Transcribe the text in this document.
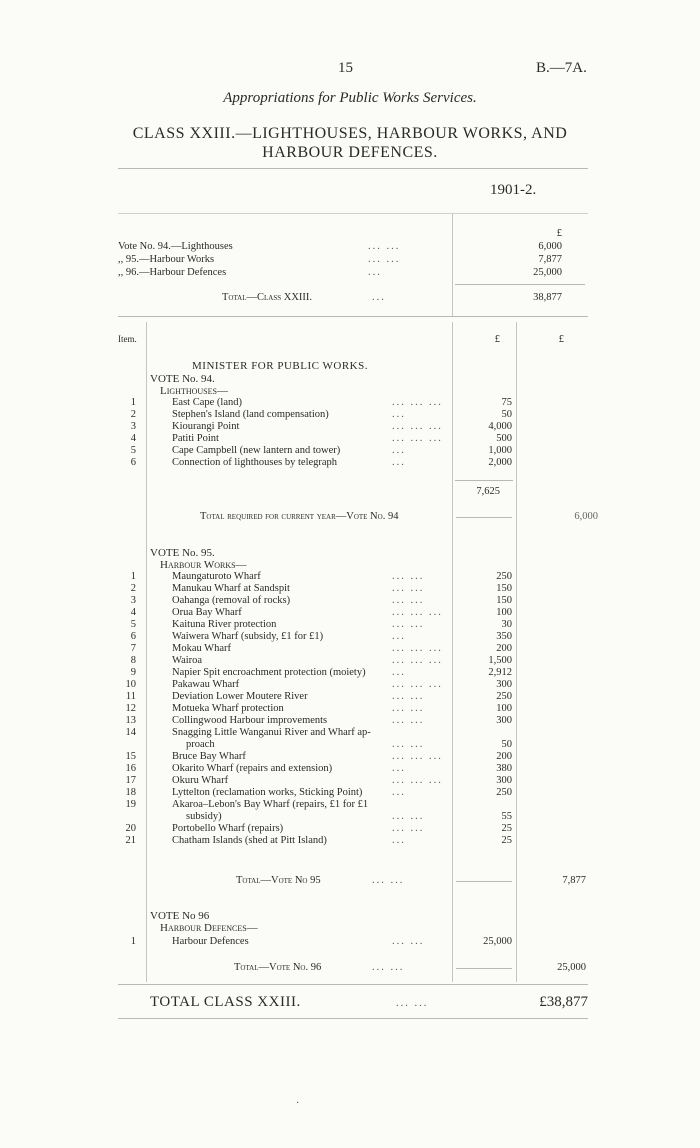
15	B.—7A.
Appropriations for Public Works Services.
CLASS XXIII.—LIGHTHOUSES, HARBOUR WORKS, AND
HARBOUR DEFENCES.
1901-2.
£
Vote No. 94.—Lighthouses	... ...	6,000
,, 95.—Harbour Works	... ...	7,877
,, 96.—Harbour Defences	...	25,000
Total—Class XXIII.	...	38,877
Item.	£	£
MINISTER FOR PUBLIC WORKS.
VOTE No. 94.
Lighthouses—
1	East Cape (land)	... ... ...	75
2	Stephen's Island (land compensation)	...	50
3	Kiourangi Point	... ... ...	4,000
4	Patiti Point	... ... ...	500
5	Cape Campbell (new lantern and tower)	...	1,000
6	Connection of lighthouses by telegraph	...	2,000
7,625
Total required for current year—Vote No. 94	6,000
VOTE No. 95.
Harbour Works—
1	Maungaturoto Wharf	... ...	250
2	Manukau Wharf at Sandspit	... ...	150
3	Oahanga (removal of rocks)	... ...	150
4	Orua Bay Wharf	... ... ...	100
5	Kaituna River protection	... ...	30
6	Waiwera Wharf (subsidy, £1 for £1)	...	350
7	Mokau Wharf	... ... ...	200
8	Wairoa	... ... ...	1,500
9	Napier Spit encroachment protection (moiety)	...	2,912
10	Pakawau Wharf	... ... ...	300
11	Deviation Lower Moutere River	... ...	250
12	Motueka Wharf protection	... ...	100
13	Collingwood Harbour improvements	... ...	300
14	Snagging Little Wanganui River and Wharf ap-
proach	... ...	50
15	Bruce Bay Wharf	... ... ...	200
16	Okarito Wharf (repairs and extension)	...	380
17	Okuru Wharf	... ... ...	300
18	Lyttelton (reclamation works, Sticking Point)	...	250
19	Akaroa–Lebon's Bay Wharf (repairs, £1 for £1
subsidy)	... ...	55
20	Portobello Wharf (repairs)	... ...	25
21	Chatham Islands (shed at Pitt Island)	...	25
Total—Vote No 95	... ...	7,877
VOTE No 96
Harbour Defences—
1	Harbour Defences	... ...	25,000
Total—Vote No. 96	... ...	25,000
TOTAL CLASS XXIII.	... ...	£38,877
·
